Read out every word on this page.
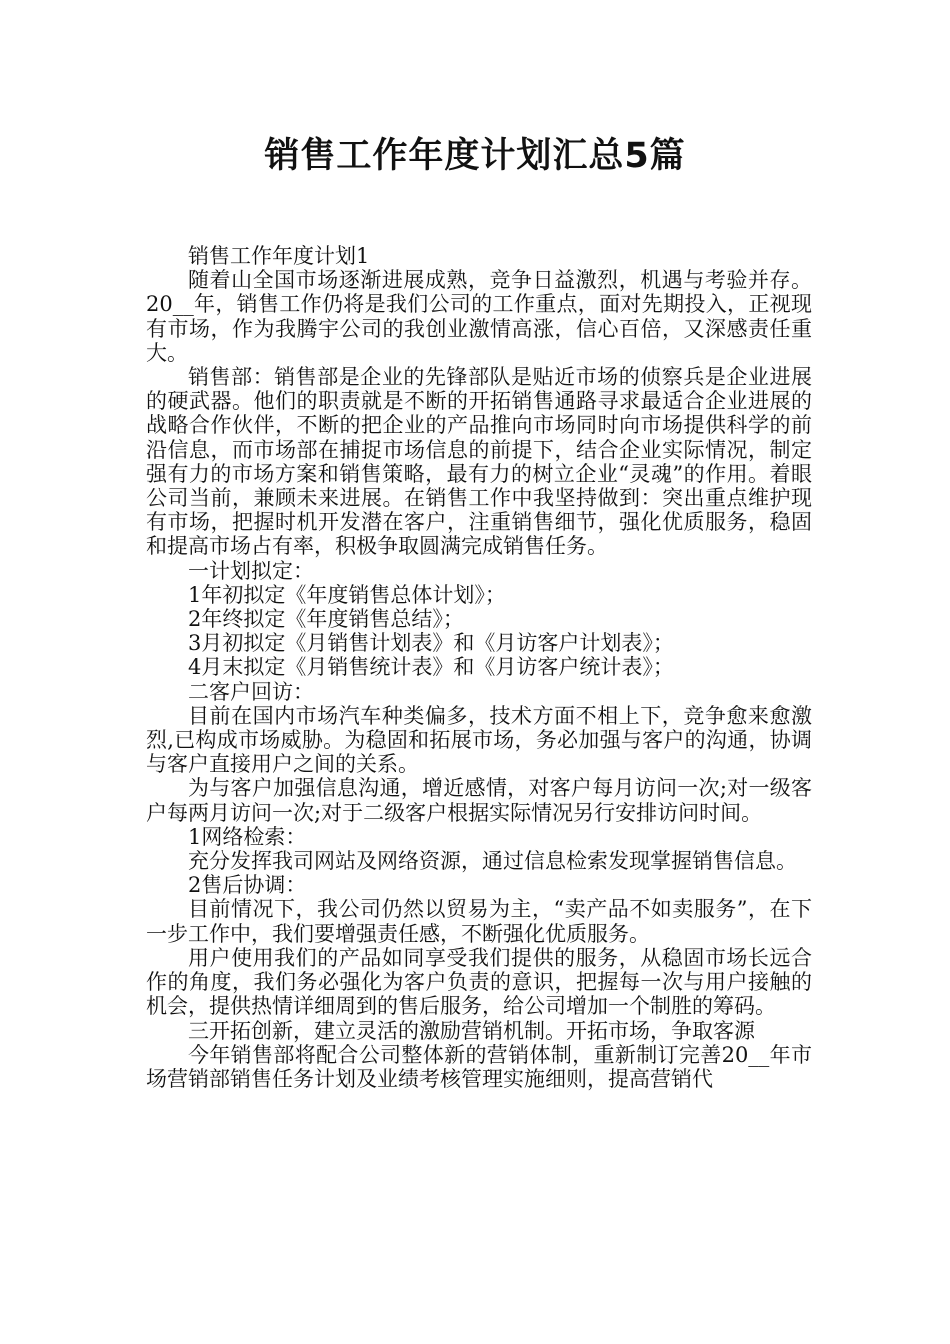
销售工作年度计划汇总5篇

销售工作年度计划1

随着山全国市场逐渐进展成熟，竞争日益激烈，机遇与考验并存。20__年，销售工作仍将是我们公司的工作重点，面对先期投入，正视现有市场，作为我腾宇公司的我创业激情高涨，信心百倍，又深感责任重大。

销售部：销售部是企业的先锋部队是贴近市场的侦察兵是企业进展的硬武器。他们的职责就是不断的开拓销售通路寻求最适合企业进展的战略合作伙伴，不断的把企业的产品推向市场同时向市场提供科学的前沿信息，而市场部在捕捉市场信息的前提下，结合企业实际情况，制定强有力的市场方案和销售策略，最有力的树立企业“灵魂”的作用。着眼公司当前，兼顾未来进展。在销售工作中我坚持做到：突出重点维护现有市场，把握时机开发潜在客户，注重销售细节，强化优质服务，稳固和提高市场占有率，积极争取圆满完成销售任务。

一计划拟定：

1年初拟定《年度销售总体计划》；

2年终拟定《年度销售总结》；

3月初拟定《月销售计划表》和《月访客户计划表》；

4月末拟定《月销售统计表》和《月访客户统计表》；

二客户回访：

目前在国内市场汽车种类偏多，技术方面不相上下，竞争愈来愈激烈,已构成市场威胁。为稳固和拓展市场，务必加强与客户的沟通，协调与客户直接用户之间的关系。

为与客户加强信息沟通，增近感情，对客户每月访问一次;对一级客户每两月访问一次;对于二级客户根据实际情况另行安排访问时间。

1网络检索：

充分发挥我司网站及网络资源，通过信息检索发现掌握销售信息。

2售后协调：

目前情况下，我公司仍然以贸易为主，“卖产品不如卖服务”，在下一步工作中，我们要增强责任感，不断强化优质服务。

用户使用我们的产品如同享受我们提供的服务，从稳固市场长远合作的角度，我们务必强化为客户负责的意识，把握每一次与用户接触的机会，提供热情详细周到的售后服务，给公司增加一个制胜的筹码。

三开拓创新，建立灵活的激励营销机制。开拓市场，争取客源

今年销售部将配合公司整体新的营销体制，重新制订完善20__年市场营销部销售任务计划及业绩考核管理实施细则，提高营销代
